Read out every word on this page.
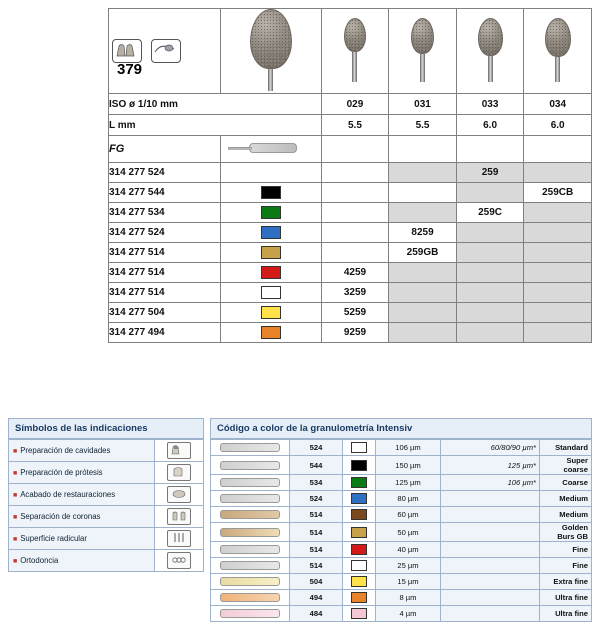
379					

ISO ø 1/10 mm		029	031	033	034
L mm		5.5	5.5	6.0	6.0
FG	

314 277 524				259	
314 277 544					259CB
314 277 534				259C	
314 277 524			8259		
314 277 514			259GB		
314 277 514		4259			
314 277 514		3259			
314 277 504		5259			
314 277 494		9259			
Símbolos de las indicaciones
■ Preparación de cavidades	
■ Preparación de prótesis	
■ Acabado de restauraciones	
■ Separación de coronas	
■ Superficie radicular	
■ Ortodoncia	
Código a color de la granulometría Intensiv
	524		106 µm	60/80/90 µm*	Standard

	544		150 µm	125 µm*	Super coarse

	534		125 µm	106 µm*	Coarse

	524		80 µm		Medium

	514		60 µm		Medium

	514		50 µm		Golden Burs GB

	514		40 µm		Fine

	514		25 µm		Fine

	504		15 µm		Extra fine

	494		8 µm		Ultra fine

	484		4 µm		Ultra fine
